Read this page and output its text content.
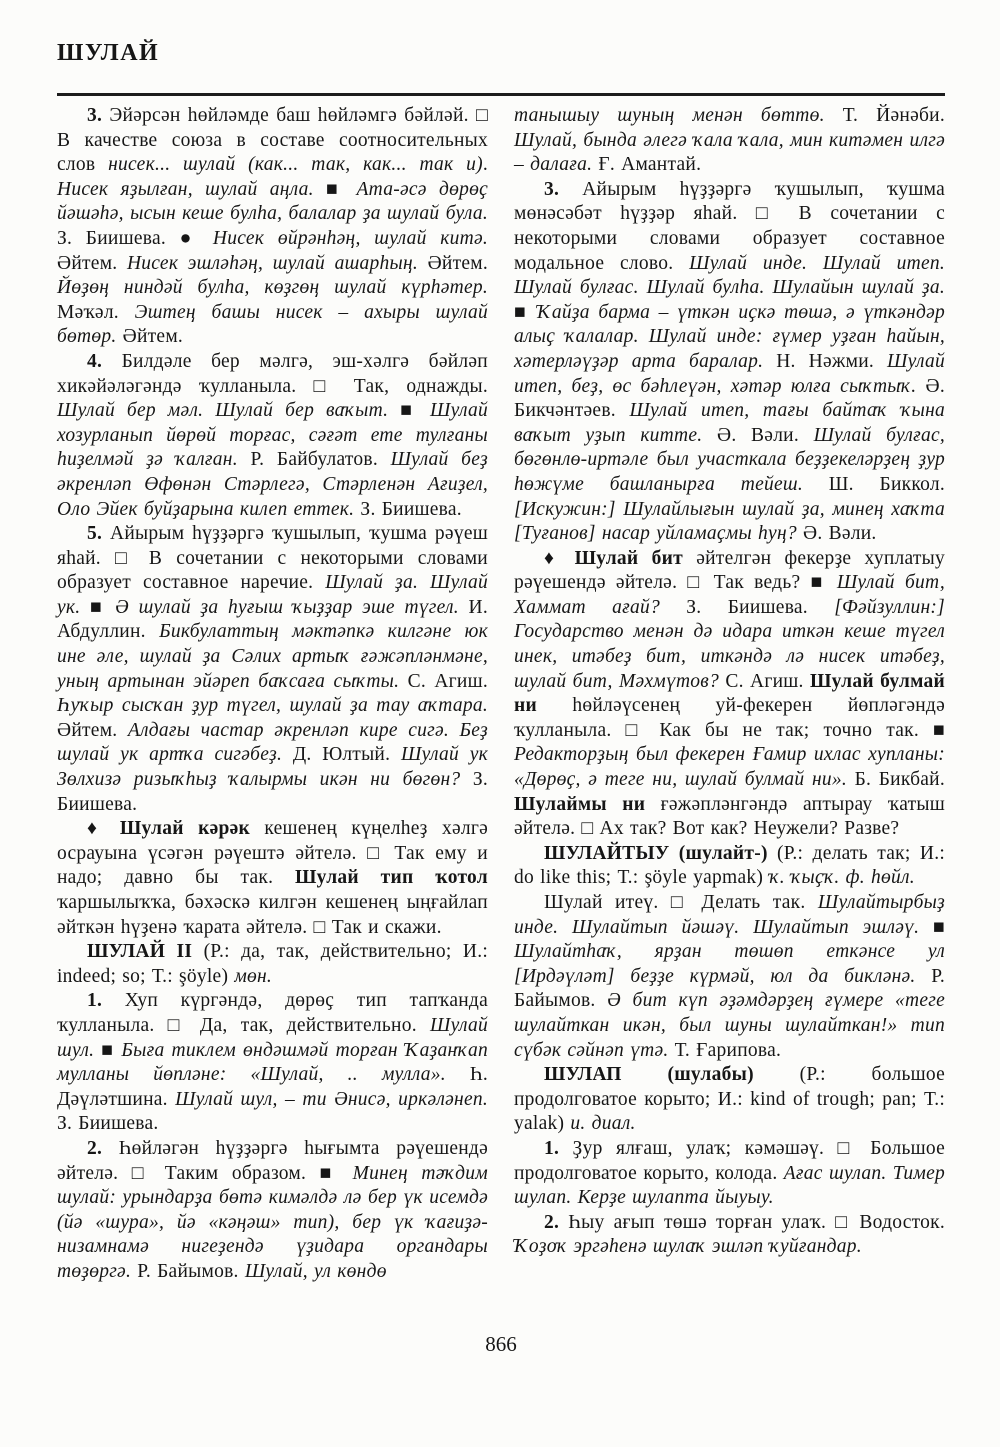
ШУЛАЙ

3. Эйәрсән һөйләмде баш һөйләмгә бәйләй. □ В качестве союза в составе соотносительных слов нисек... шулай (как... так, как... так и). Нисек яҙылған, шулай аңла. ■ Ата-әсә дөрөҫ йәшәһә, ысын кеше булһа, балалар ҙа шулай була. З. Биишева. ● Нисек өйрәнһәң, шулай китә. Әйтем. Нисек эшләһәң, шулай ашарһың. Әйтем. Йөҙөң ниндәй булһа, көҙгөң шулай күрһәтер. Мәҡәл. Эштең башы нисек – ахыры шулай бөтөр. Әйтем.

4. Билдәле бер мәлгә, эш-хәлгә бәйләп хикәйәләгәндә ҡулланыла. □ Так, однажды. Шулай бер мәл. Шулай бер ваҡыт. ■ Шулай хозурланып йөрөй торғас, сәғәт ете тулғаны һиҙелмәй ҙә ҡалған. Р. Байбулатов. Шулай беҙ әкренләп Өфөнән Стәрлегә, Стәрленән Ағиҙел, Оло Эйек буйҙарына килеп еттек. З. Биишева.

5. Айырым һүҙҙәргә ҡушылып, ҡушма рәүеш яһай. □ В сочетании с некоторыми словами образует составное наречие. Шулай ҙа. Шулай ук. ■ Ә шулай ҙа һуғыш ҡыҙҙар эше түгел. И. Абдуллин. Бикбулаттың мәктәпкә килгәне юк ине әле, шулай ҙа Сәлих артыҡ ғәжәпләнмәне, уның артынан эйәреп баҡсаға сыҡты. С. Агиш. Һуҡыр сысҡан ҙур түгел, шулай ҙа тау аҡтара. Әйтем. Алдағы частар әкренләп кире сигә. Беҙ шулай ук артҡа сигәбеҙ. Д. Юлтый. Шулай ук Зөлхизә ризыҡһыҙ ҡалырмы икән ни бөгөн? З. Биишева.

♦ Шулай кәрәк кешенең күңелһеҙ хәлгә осрауына үсәгән рәүештә әйтелә. □ Так ему и надо; давно бы так. Шулай тип ҡотол ҡаршылыҡҡа, бәхәскә килгән кешенең ыңғайлап әйткән һүҙенә ҡарата әйтелә. □ Так и скажи.

ШУЛАЙ II (Р.: да, так, действительно; И.: indeed; so; Т.: şöyle) мөн.

1. Хуп күргәндә, дөрөҫ тип тапҡанда ҡулланыла. □ Да, так, действительно. Шулай шул. ■ Быға тиклем өндәшмәй торған Ҡаҙанҡап мулланы йөпләне: «Шулай, .. мулла». Һ. Дәүләтшина. Шулай шул, – ти Әнисә, иркәләнеп. З. Биишева.

2. Һөйләгән һүҙҙәргә һығымта рәүешендә әйтелә. □ Таким образом. ■ Минең тәҡдим шулай: урындарҙа бөтә кимәлдә лә бер үк исемдә (йә «шура», йә «кәңәш» тип), бер үк ҡағиҙә-низамнамә нигеҙендә үҙидара органдары төҙөргә. Р. Байымов. Шулай, ул көндө

танышыу шуның менән бөттө. Т. Йәнәби. Шулай, бында әлегә ҡала ҡала, мин китәмен илгә – далаға. Ғ. Амантай.

3. Айырым һүҙҙәргә ҡушылып, ҡушма мөнәсәбәт һүҙҙәр яһай. □ В сочетании с некоторыми словами образует составное модальное слово. Шулай инде. Шулай итеп. Шулай булғас. Шулай булһа. Шулайын шулай ҙа. ■ Ҡайҙа барма – үткән иҫкә төшә, ә үткәндәр алыҫ ҡалалар. Шулай инде: ғүмер уҙған һайын, хәтерләүҙәр арта баралар. Н. Нәжми. Шулай итеп, беҙ, өс бәһлеүән, хәтәр юлға сыҡтыҡ. Ә. Бикчәнтәев. Шулай итеп, тағы байтаҡ ҡына ваҡыт уҙып китте. Ә. Вәли. Шулай булғас, бөгөнлө-иртәле был участкала беҙҙекеләрҙең ҙур һөжүме башланырға тейеш. Ш. Биккол. [Искужин:] Шулайлығын шулай ҙа, минең хаҡта [Туғанов] насар уйламаҫмы һуң? Ә. Вәли.

♦ Шулай бит әйтелгән фекерҙе хуплатыу рәүешендә әйтелә. □ Так ведь? ■ Шулай бит, Хаммат ағай? З. Биишева. [Фәйзуллин:] Государство менән дә идара иткән кеше түгел инек, итәбеҙ бит, иткәндә лә нисек итәбеҙ, шулай бит, Мәхмүтов? С. Агиш. Шулай булмай ни һөйләүсенең уй-фекерен йөпләгәндә ҡулланыла. □ Как бы не так; точно так. ■ Редакторҙың был фекерен Ғамир ихлас хупланы: «Дөрөҫ, ә теге ни, шулай булмай ни». Б. Бикбай. Шулаймы ни ғәжәпләнгәндә аптырау ҡатыш әйтелә. □ Ах так? Вот как? Неужели? Разве?

ШУЛАЙТЫУ (шулайт-) (Р.: делать так; И.: do like this; Т.: şöyle yapmak) ҡ. ҡыҫҡ. ф. һөйл.

Шулай итеү. □ Делать так. Шулайтырбыҙ инде. Шулайтып йәшәү. Шулайтып эшләү. ■ Шулайтһаҡ, ярҙан төшөп еткәнсе ул [Ирдәүләт] беҙҙе күрмәй, юл да бикләнә. Р. Байымов. Ә бит күп әҙәмдәрҙең ғүмере «теге шулайткан икән, был шуны шулайткан!» тип сүбәк сәйнәп үтә. Т. Ғарипова.

ШУЛАП (шулабы) (Р.: большое продолговатое корыто; И.: kind of trough; pan; Т.: yalak) и. диал.

1. Ҙур ялғаш, улаҡ; кәмәшәү. □ Большое продолговатое корыто, колода. Ағас шулап. Тимер шулап. Керҙе шулапта йыуыу.

2. Һыу ағып төшә торған улаҡ. □ Водосток. Ҡоҙоҡ эргәһенә шулаҡ эшләп ҡуйғандар.

866
